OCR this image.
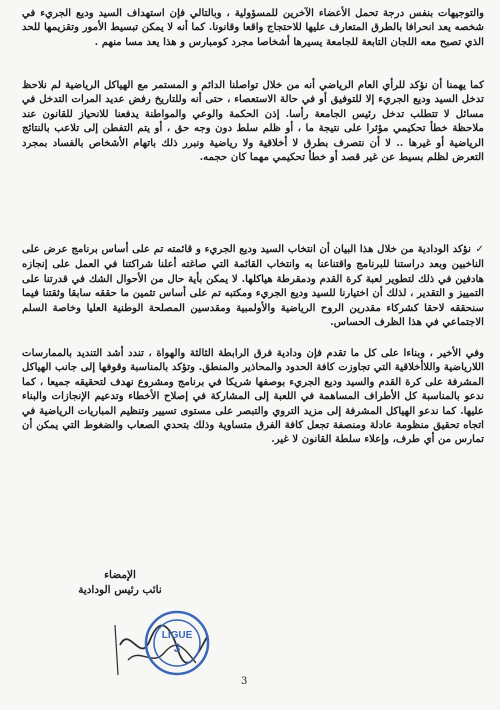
والتوجيهات بنفس درجة تحمل الأعضاء الآخرين للمسؤولية ، وبالتالي فإن استهداف السيد وديع الجريء في شخصه يعد انحرافا بالطرق المتعارف عليها للاحتجاج واقعا وقانونا. كما أنه لا يمكن تبسيط الأمور وتقزيمها للحد الذي تصبح معه اللجان التابعة للجامعة يسيرها أشخاصا مجرد كومبارس و هذا يعد مسا منهم .

كما يهمنا أن نؤكد للرأي العام الرياضي أنه من خلال تواصلنا الدائم و المستمر مع الهياكل الرياضية لم نلاحظ تدخل السيد وديع الجريء إلا للتوفيق أو في حالة الاستعصاء ، حتى أنه وللتاريخ رفض عديد المرات التدخل في مسائل لا تتطلب تدخل رئيس الجامعة رأسا. إذن الحكمة والوعي والمواطنة يدفعنا للانحياز للقانون عند ملاحظة خطأ تحكيمي مؤثرا على نتيجة ما ، أو ظلم سلط دون وجه حق ، أو يتم التفطن إلى تلاعب بالنتائج الرياضية أو غيرها .. لا أن نتصرف بطرق لا أخلاقية ولا رياضية ونبرر ذلك باتهام الأشخاص بالفساد بمجرد التعرض لظلم بسيط عن غير قصد أو خطأ تحكيمي مهما كان حجمه.

✓نؤكد الودادية من خلال هذا البيان أن انتخاب السيد وديع الجريء و قائمته تم على أساس برنامج عرض على الناخبين وبعد دراستنا للبرنامج واقتناعنا به وانتخاب القائمة التي صاغته أعلنا شراكتنا في العمل على إنجازه هادفين في ذلك لتطوير لعبة كرة القدم ودمقرطة هياكلها. لا يمكن بأية حال من الأحوال الشك في قدرتنا على التمييز و التقدير ، لذلك أن اختيارنا للسيد وديع الجريء ومكتبه تم على أساس تثمين ما حققه سابقا وثقتنا فيما سنحققه لاحقا كشركاء مقدرين الروح الرياضية والأولمبية ومقدسين المصلحة الوطنية العليا وخاصة السلم الاجتماعي في هذا الظرف الحساس.

وفي الأخير ، وبناءا على كل ما تقدم فإن ودادية فرق الرابطة الثالثة والهواة ، تندد أشد التنديد بالممارسات اللارياضية واللاأخلاقية التي تجاوزت كافة الحدود والمحاذير والمنطق. وتؤكد بالمناسبة وقوفها إلى جانب الهياكل المشرفة على كرة القدم والسيد وديع الجريء بوصفها شريكا في برنامج ومشروع نهدف لتحقيقه جميعا ، كما ندعو بالمناسبة كل الأطراف المساهمة في اللعبة إلى المشاركة في إصلاح الأخطاء وتدعيم الإنجازات والبناء عليها. كما ندعو الهياكل المشرفة إلى مزيد التروي والتبصر على مستوى تسيير وتنظيم المباريات الرياضية في اتجاه تحقيق منظومة عادلة ومنصفة تجعل كافة الفرق متساوية وذلك بتحدي الصعاب والضغوط التي يمكن أن تمارس من أي طرف، وإعلاء سلطة القانون لا غير.

الإمضاء
نائب رئيس الودادية
LIGUE
3
3
